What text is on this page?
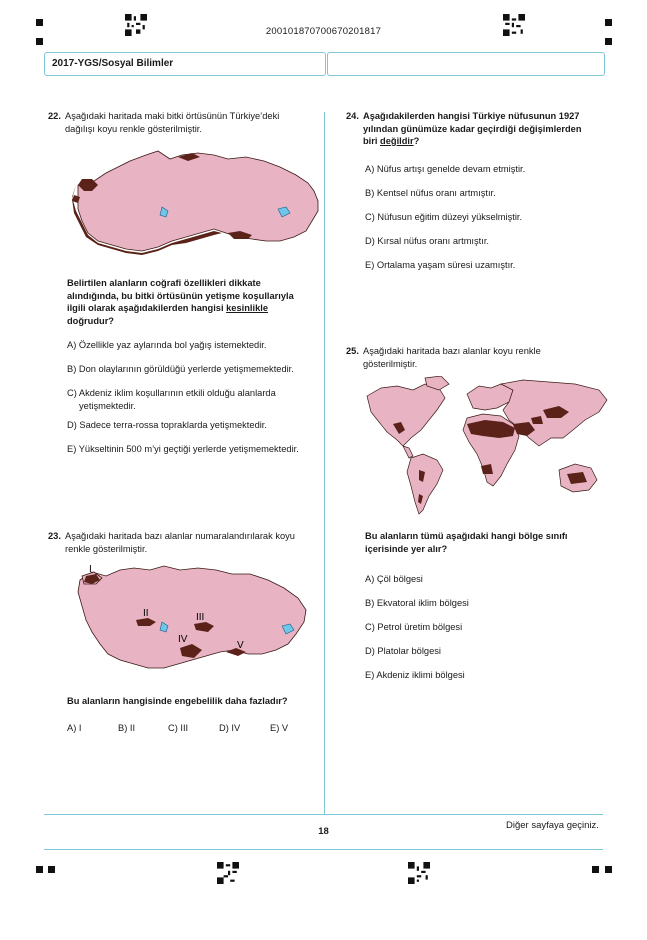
200101870700670201817
2017-YGS/Sosyal Bilimler
22. Aşağıdaki haritada maki bitki örtüsünün Türkiye’deki
dağılışı koyu renkle gösterilmiştir.
Belirtilen alanların coğrafi özellikleri dikkate
alındığında, bu bitki örtüsünün yetişme koşullarıyla
ilgili olarak aşağıdakilerden hangisi kesinlikle
doğrudur?
A) Özellikle yaz aylarında bol yağış istemektedir.
B) Don olaylarının görüldüğü yerlerde yetişmemektedir.
C) Akdeniz iklim koşullarının etkili olduğu alanlarda
yetişmektedir.
D) Sadece terra-rossa topraklarda yetişmektedir.
E) Yükseltinin 500 m’yi geçtiği yerlerde yetişmemektedir.
23. Aşağıdaki haritada bazı alanlar numaralandırılarak koyu
renkle gösterilmiştir.
I
II	III
IV
V
Bu alanların hangisinde engebelilik daha fazladır?
A) I	B) II	C) III	D) IV	E) V
24. Aşağıdakilerden hangisi Türkiye nüfusunun 1927
yılından günümüze kadar geçirdiği değişimlerden
biri değildir?
A) Nüfus artışı genelde devam etmiştir.
B) Kentsel nüfus oranı artmıştır.
C) Nüfusun eğitim düzeyi yükselmiştir.
D) Kırsal nüfus oranı artmıştır.
E) Ortalama yaşam süresi uzamıştır.
25. Aşağıdaki haritada bazı alanlar koyu renkle
gösterilmiştir.
Bu alanların tümü aşağıdaki hangi bölge sınıfı
içerisinde yer alır?
A) Çöl bölgesi
B) Ekvatoral iklim bölgesi
C) Petrol üretim bölgesi
D) Platolar bölgesi
E) Akdeniz iklimi bölgesi
Diğer sayfaya geçiniz.
18
